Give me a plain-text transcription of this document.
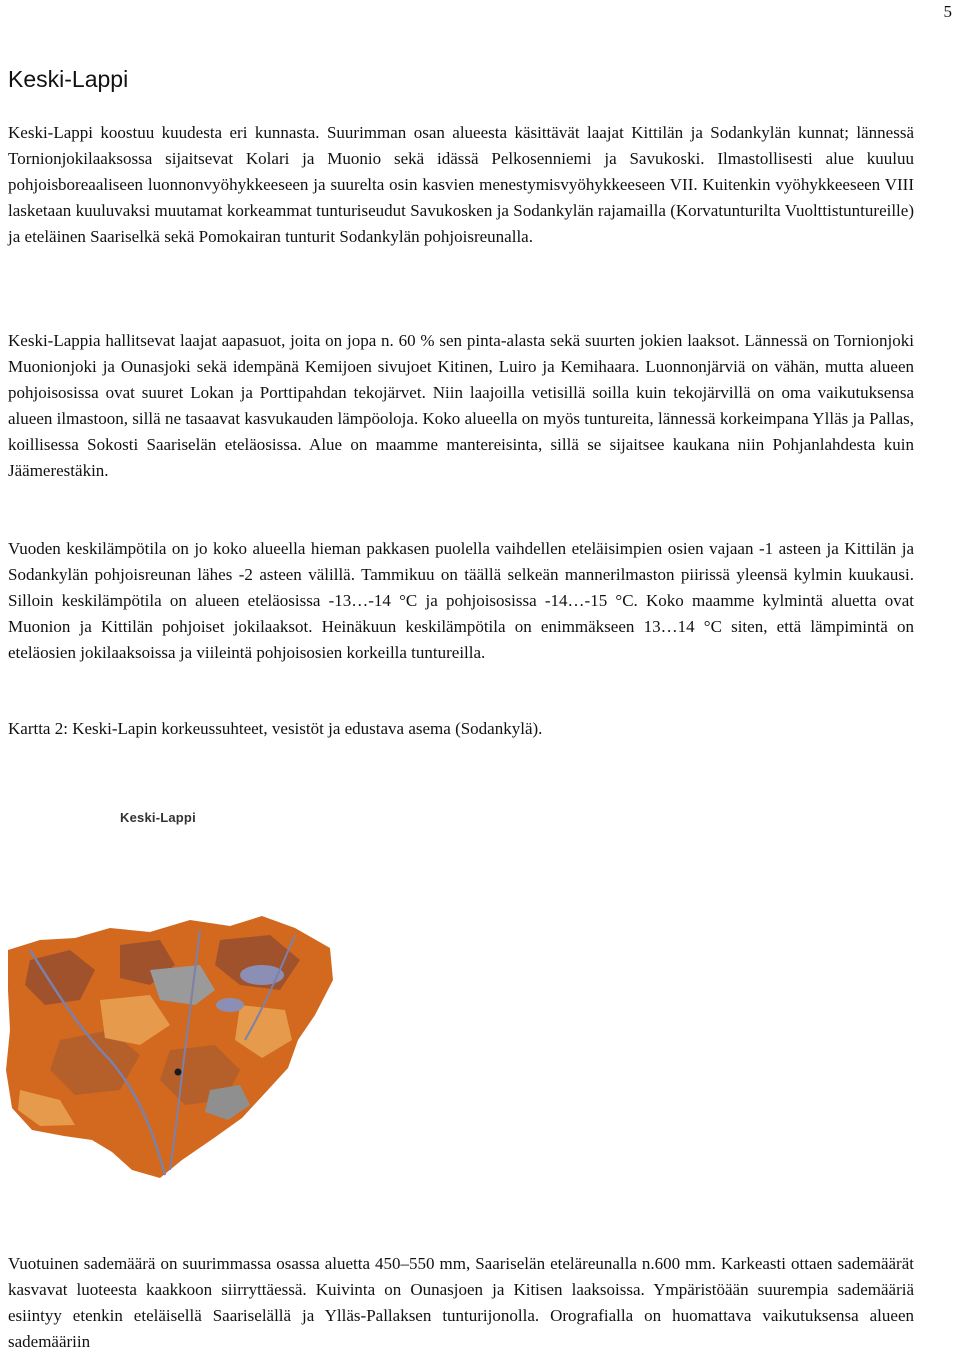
5
Keski-Lappi

Keski-Lappi koostuu kuudesta eri kunnasta. Suurimman osan alueesta käsittävät laajat Kittilän ja Sodankylän kunnat; lännessä Tornionjokilaaksossa sijaitsevat Kolari ja Muonio sekä idässä Pelkosenniemi ja Savukoski. Ilmastollisesti alue kuuluu pohjoisboreaaliseen luonnonvyöhykkeeseen ja suurelta osin kasvien menestymisvyöhykkeeseen VII. Kuitenkin vyöhykkeeseen VIII lasketaan kuuluvaksi muutamat korkeammat tunturiseudut Savukosken ja Sodankylän rajamailla (Korvatunturilta Vuolttistuntureille) ja eteläinen Saariselkä sekä Pomokairan tunturit Sodankylän pohjoisreunalla.

Keski-Lappia hallitsevat laajat aapasuot, joita on jopa n. 60 % sen pinta-alasta sekä suurten jokien laaksot. Lännessä on Tornionjoki Muonionjoki ja Ounasjoki sekä idempänä Kemijoen sivujoet Kitinen, Luiro ja Kemihaara. Luonnonjärviä on vähän, mutta alueen pohjoisosissa ovat suuret Lokan ja Porttipahdan tekojärvet. Niin laajoilla vetisillä soilla kuin tekojärvillä on oma vaikutuksensa alueen ilmastoon, sillä ne tasaavat kasvukauden lämpöoloja. Koko alueella on myös tuntureita, lännessä korkeimpana Ylläs ja Pallas, koillisessa Sokosti Saariselän eteläosissa. Alue on maamme mantereisinta, sillä se sijaitsee kaukana niin Pohjanlahdesta kuin Jäämerestäkin.

Vuoden keskilämpötila on jo koko alueella hieman pakkasen puolella vaihdellen eteläisimpien osien vajaan -1 asteen ja Kittilän ja Sodankylän pohjoisreunan lähes -2 asteen välillä. Tammikuu on täällä selkeän mannerilmaston piirissä yleensä kylmin kuukausi. Silloin keskilämpötila on alueen eteläosissa -13…-14 °C ja pohjoisosissa -14…-15 °C. Koko maamme kylmintä aluetta ovat Muonion ja Kittilän pohjoiset jokilaaksot. Heinäkuun keskilämpötila on enimmäkseen 13…14 °C siten, että lämpimintä on eteläosien jokilaaksoissa ja viileintä pohjoisosien korkeilla tuntureilla.

Kartta 2: Keski-Lapin korkeussuhteet, vesistöt ja edustava asema (Sodankylä).

Keski-Lappi

Vuotuinen sademäärä on suurimmassa osassa aluetta 450–550 mm, Saariselän eteläreunalla n.600 mm. Karkeasti ottaen sademäärät kasvavat luoteesta kaakkoon siirryttäessä. Kuivinta on Ounasjoen ja Kitisen laaksoissa. Ympäristöään suurempia sademääriä esiintyy etenkin eteläisellä Saariselällä ja Ylläs-Pallaksen tunturijonolla. Orografialla on huomattava vaikutuksensa alueen sademääriin
